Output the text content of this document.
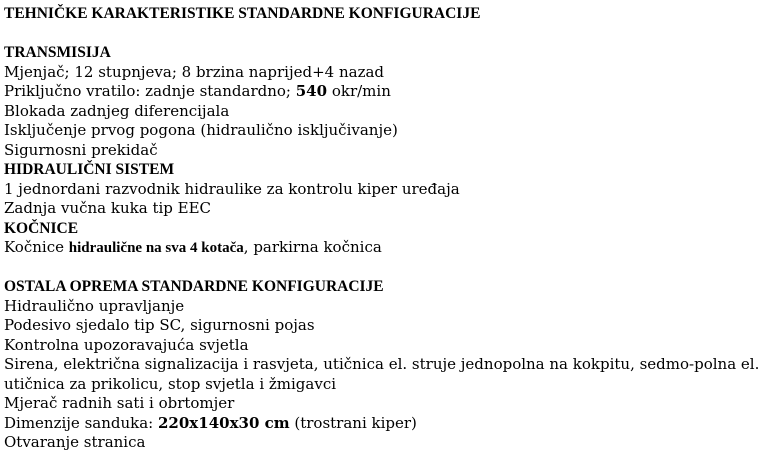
TEHNIČKE KARAKTERISTIKE STANDARDNE KONFIGURACIJE
TRANSMISIJA
Mjenjač; 12 stupnjeva; 8 brzina naprijed+4 nazad
Priključno vratilo: zadnje standardno; 540 okr/min
Blokada zadnjeg diferencijala
Isključenje prvog pogona (hidraulično isključivanje)
Sigurnosni prekidač
HIDRAULIČNI SISTEM
1 jednordani razvodnik hidraulike za kontrolu kiper uređaja
Zadnja vučna kuka tip EEC
KOČNICE
Kočnice hidraulične na sva 4 kotača, parkirna kočnica
OSTALA OPREMA STANDARDNE KONFIGURACIJE
Hidraulično upravljanje
Podesivo sjedalo tip SC, sigurnosni pojas
Kontrolna upozoravajuća svjetla
Sirena, električna signalizacija i rasvjeta, utičnica el. struje jednopolna na kokpitu, sedmo-polna el.
utičnica za prikolicu, stop svjetla i žmigavci
Mjerač radnih sati i obrtomjer
Dimenzije sanduka: 220x140x30 cm (trostrani kiper)
Otvaranje stranica
